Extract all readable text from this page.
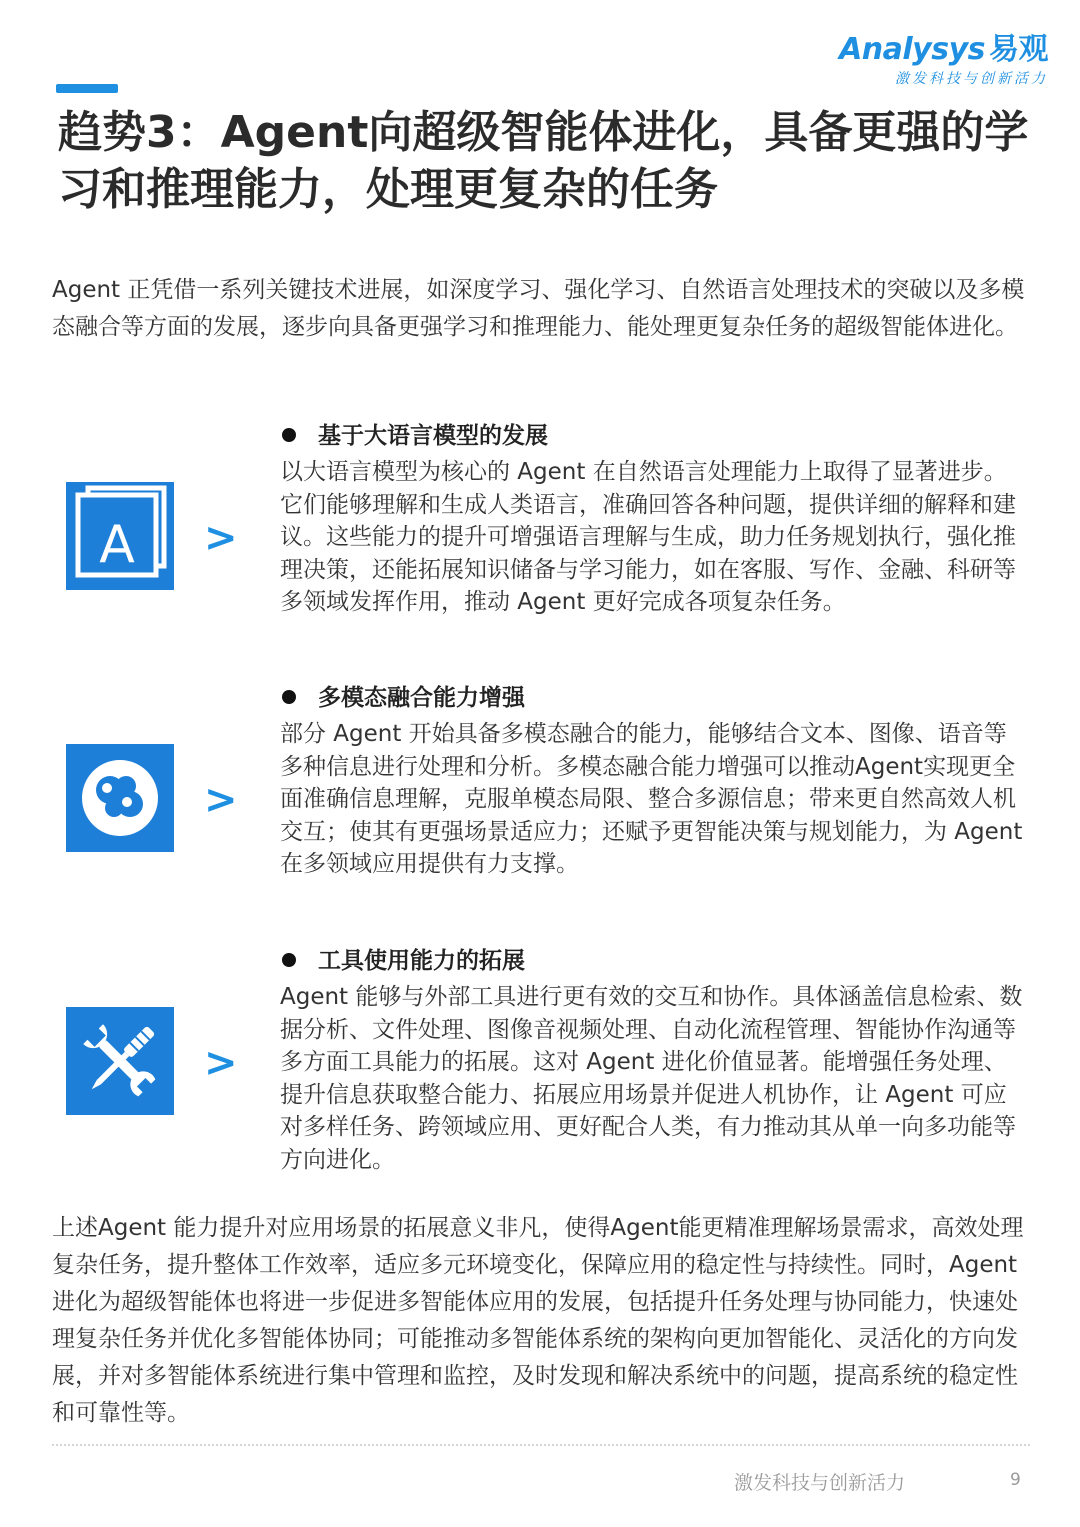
Analysys 易观
激发科技与创新活力
趋势3：Agent向超级智能体进化，具备更强的学习和推理能力，处理更复杂的任务

Agent 正凭借一系列关键技术进展，如深度学习、强化学习、自然语言处理技术的突破以及多模态融合等方面的发展，逐步向具备更强学习和推理能力、能处理更复杂任务的超级智能体进化。

A >
基于大语言模型的发展

以大语言模型为核心的 Agent 在自然语言处理能力上取得了显著进步。它们能够理解和生成人类语言，准确回答各种问题，提供详细的解释和建议。这些能力的提升可增强语言理解与生成，助力任务规划执行，强化推理决策，还能拓展知识储备与学习能力，如在客服、写作、金融、科研等多领域发挥作用，推动 Agent 更好完成各项复杂任务。

>
多模态融合能力增强

部分 Agent 开始具备多模态融合的能力，能够结合文本、图像、语音等多种信息进行处理和分析。多模态融合能力增强可以推动Agent实现更全面准确信息理解，克服单模态局限、整合多源信息；带来更自然高效人机交互；使其有更强场景适应力；还赋予更智能决策与规划能力，为 Agent 在多领域应用提供有力支撑。

>
工具使用能力的拓展

Agent 能够与外部工具进行更有效的交互和协作。具体涵盖信息检索、数据分析、文件处理、图像音视频处理、自动化流程管理、智能协作沟通等多方面工具能力的拓展。这对 Agent 进化价值显著。能增强任务处理、提升信息获取整合能力、拓展应用场景并促进人机协作，让 Agent 可应对多样任务、跨领域应用、更好配合人类，有力推动其从单一向多功能等方向进化。

上述Agent 能力提升对应用场景的拓展意义非凡，使得Agent能更精准理解场景需求，高效处理复杂任务，提升整体工作效率，适应多元环境变化，保障应用的稳定性与持续性。同时，Agent 进化为超级智能体也将进一步促进多智能体应用的发展，包括提升任务处理与协同能力，快速处理复杂任务并优化多智能体协同；可能推动多智能体系统的架构向更加智能化、灵活化的方向发展，并对多智能体系统进行集中管理和监控，及时发现和解决系统中的问题，提高系统的稳定性和可靠性等。

激发科技与创新活力	9
